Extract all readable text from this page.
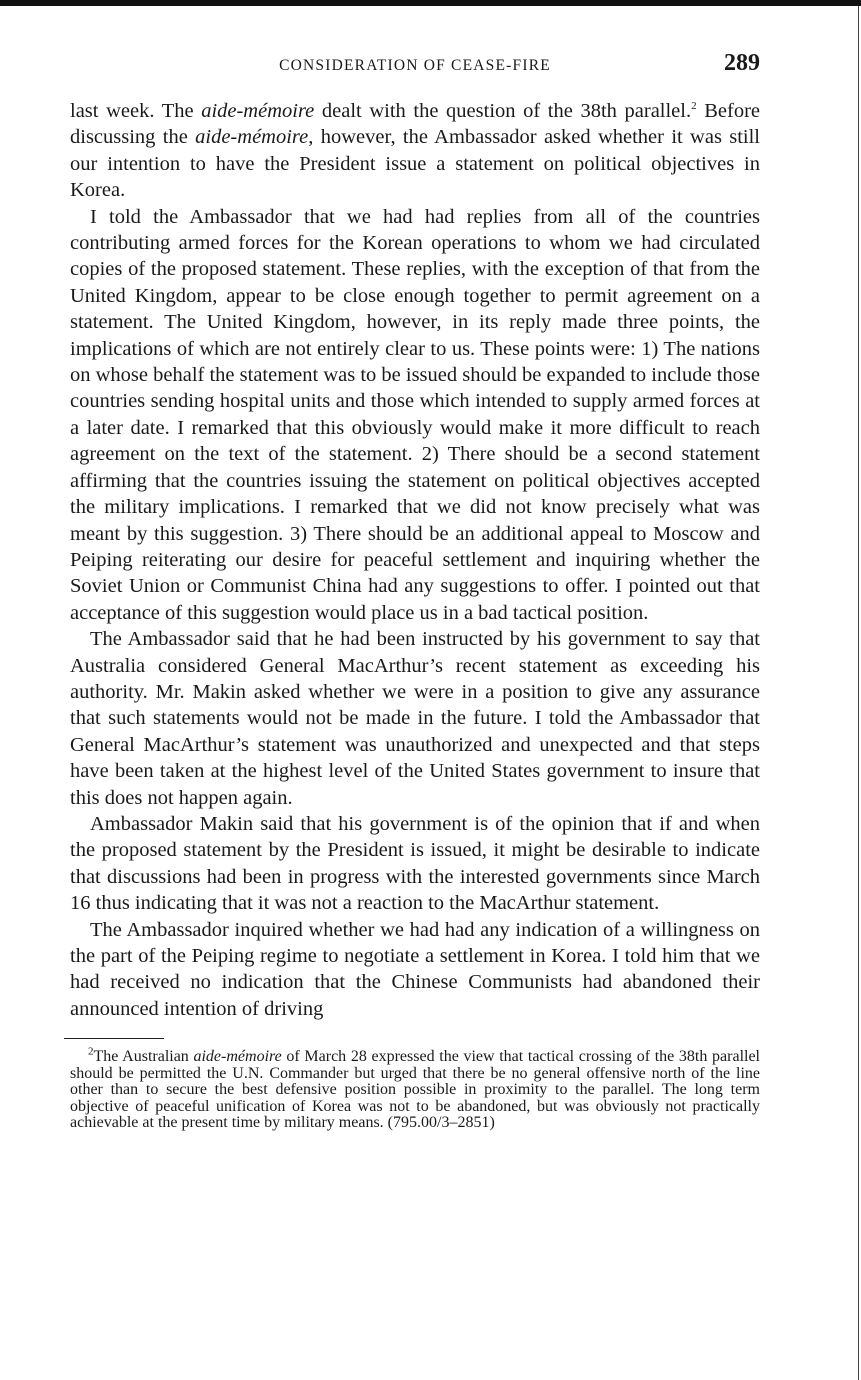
CONSIDERATION OF CEASE-FIRE	289

last week. The aide-mémoire dealt with the question of the 38th parallel.$^2$ Before discussing the aide-mémoire, however, the Ambassador asked whether it was still our intention to have the President issue a statement on political objectives in Korea.

I told the Ambassador that we had had replies from all of the countries contributing armed forces for the Korean operations to whom we had circulated copies of the proposed statement. These replies, with the exception of that from the United Kingdom, appear to be close enough together to permit agreement on a statement. The United Kingdom, however, in its reply made three points, the implications of which are not entirely clear to us. These points were: 1) The nations on whose behalf the statement was to be issued should be expanded to include those countries sending hospital units and those which intended to supply armed forces at a later date. I remarked that this obviously would make it more difficult to reach agreement on the text of the statement. 2) There should be a second statement affirming that the countries issuing the statement on political objectives accepted the military implications. I remarked that we did not know precisely what was meant by this suggestion. 3) There should be an additional appeal to Moscow and Peiping reiterating our desire for peaceful settlement and inquiring whether the Soviet Union or Communist China had any suggestions to offer. I pointed out that acceptance of this suggestion would place us in a bad tactical position.

The Ambassador said that he had been instructed by his government to say that Australia considered General MacArthur’s recent statement as exceeding his authority. Mr. Makin asked whether we were in a position to give any assurance that such statements would not be made in the future. I told the Ambassador that General MacArthur’s statement was unauthorized and unexpected and that steps have been taken at the highest level of the United States government to insure that this does not happen again.

Ambassador Makin said that his government is of the opinion that if and when the proposed statement by the President is issued, it might be desirable to indicate that discussions had been in progress with the interested governments since March 16 thus indicating that it was not a reaction to the MacArthur statement.

The Ambassador inquired whether we had had any indication of a willingness on the part of the Peiping regime to negotiate a settlement in Korea. I told him that we had received no indication that the Chinese Communists had abandoned their announced intention of driving

$^2$The Australian aide-mémoire of March 28 expressed the view that tactical crossing of the 38th parallel should be permitted the U.N. Commander but urged that there be no general offensive north of the line other than to secure the best defensive position possible in proximity to the parallel. The long term objective of peaceful unification of Korea was not to be abandoned, but was obviously not practically achievable at the present time by military means. (795.00/3–2851)
